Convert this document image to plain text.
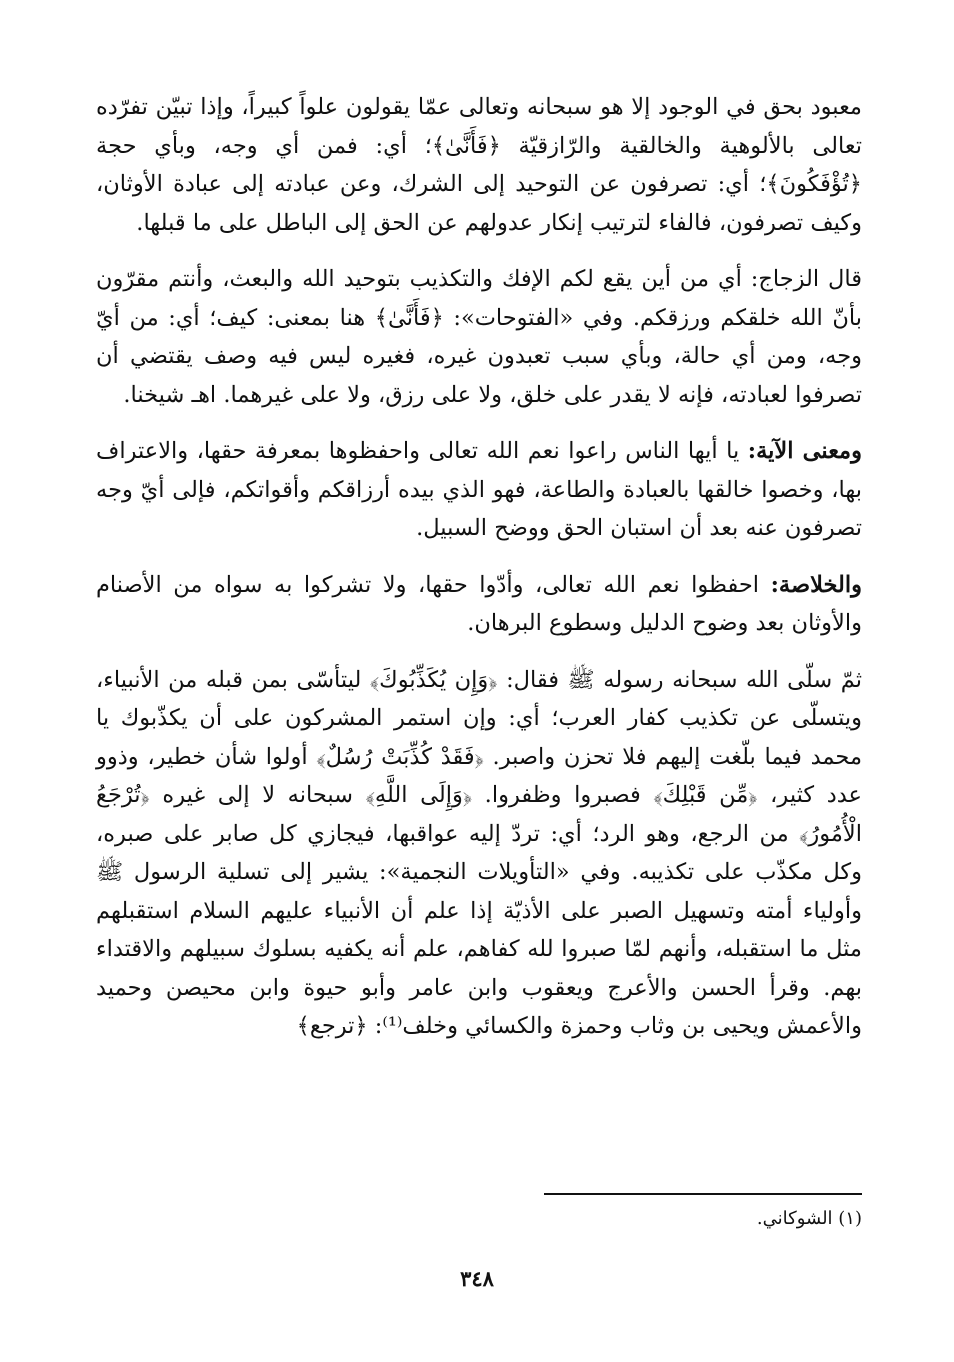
معبود بحق في الوجود إلا هو سبحانه وتعالى عمّا يقولون علواً كبيراً، وإذا تبيّن تفرّده تعالى بالألوهية والخالقية والرّازقيّة ﴿فَأَنَّىٰ﴾؛ أي: فمن أي وجه، وبأي حجة ﴿تُؤْفَكُونَ﴾؛ أي: تصرفون عن التوحيد إلى الشرك، وعن عبادته إلى عبادة الأوثان، وكيف تصرفون، فالفاء لترتيب إنكار عدولهم عن الحق إلى الباطل على ما قبلها.

قال الزجاج: أي من أين يقع لكم الإفك والتكذيب بتوحيد الله والبعث، وأنتم مقرّون بأنّ الله خلقكم ورزقكم. وفي «الفتوحات»: ﴿فَأَنَّىٰ﴾ هنا بمعنى: كيف؛ أي: من أيّ وجه، ومن أي حالة، وبأي سبب تعبدون غيره، فغيره ليس فيه وصف يقتضي أن تصرفوا لعبادته، فإنه لا يقدر على خلق، ولا على رزق، ولا على غيرهما. اهـ شيخنا.

ومعنى الآية: يا أيها الناس راعوا نعم الله تعالى واحفظوها بمعرفة حقها، والاعتراف بها، وخصوا خالقها بالعبادة والطاعة، فهو الذي بيده أرزاقكم وأقواتكم، فإلى أيّ وجه تصرفون عنه بعد أن استبان الحق ووضح السبيل.

والخلاصة: احفظوا نعم الله تعالى، وأدّوا حقها، ولا تشركوا به سواه من الأصنام والأوثان بعد وضوح الدليل وسطوع البرهان.

ثمّ سلّى الله سبحانه رسوله ﷺ فقال: ﴿وَإِن يُكَذِّبُوكَ﴾ ليتأسّى بمن قبله من الأنبياء، ويتسلّى عن تكذيب كفار العرب؛ أي: وإن استمر المشركون على أن يكذّبوك يا محمد فيما بلّغت إليهم فلا تحزن واصبر. ﴿فَقَدْ كُذِّبَتْ رُسُلٌ﴾ أولوا شأن خطير، وذوو عدد كثير، ﴿مِّن قَبْلِكَ﴾ فصبروا وظفروا. ﴿وَإِلَى اللَّهِ﴾ سبحانه لا إلى غيره ﴿تُرْجَعُ الْأُمُورُ﴾ من الرجع، وهو الرد؛ أي: تردّ إليه عواقبها، فيجازي كل صابر على صبره، وكل مكذّب على تكذيبه. وفي «التأويلات النجمية»: يشير إلى تسلية الرسول ﷺ وأولياء أمته وتسهيل الصبر على الأذيّة إذا علم أن الأنبياء عليهم السلام استقبلهم مثل ما استقبله، وأنهم لمّا صبروا لله كفاهم، علم أنه يكفيه بسلوك سبيلهم والاقتداء بهم. وقرأ الحسن والأعرج ويعقوب وابن عامر وأبو حيوة وابن محيصن وحميد والأعمش ويحيى بن وثاب وحمزة والكسائي وخلف⁽¹⁾: ﴿ترجع﴾

(١) الشوكاني.
٣٤٨
